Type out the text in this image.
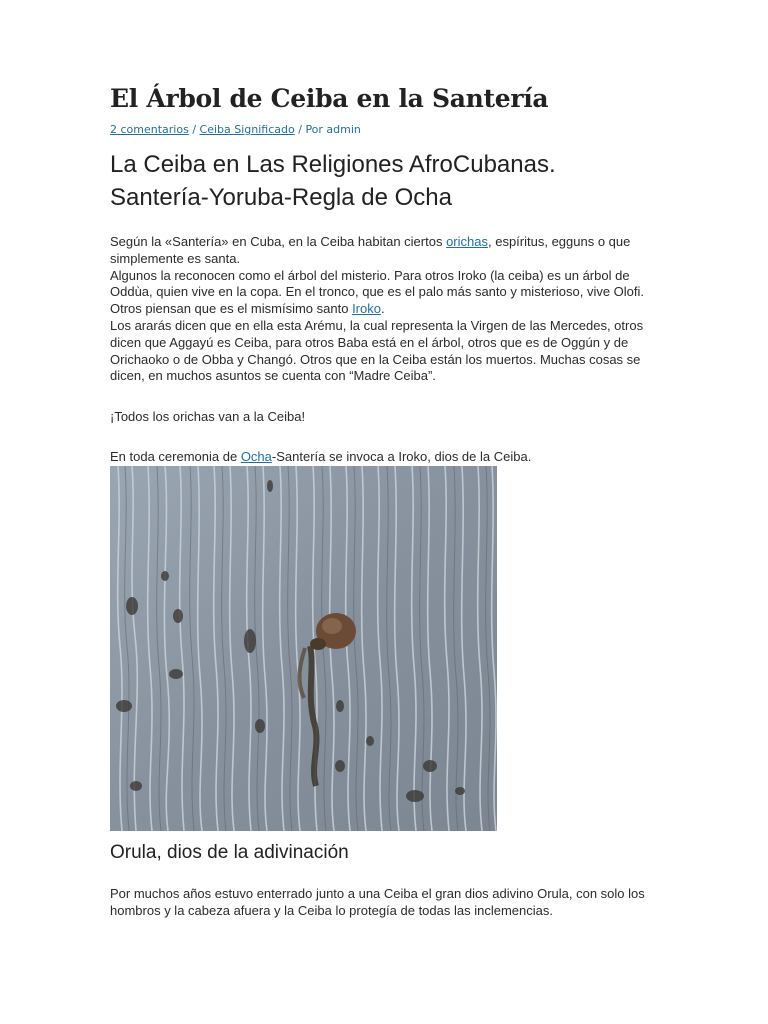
El Árbol de Ceiba en la Santería
2 comentarios / Ceiba Significado / Por admin
La Ceiba en Las Religiones AfroCubanas. Santería-Yoruba-Regla de Ocha

Según la «Santería» en Cuba, en la Ceiba habitan ciertos orichas, espíritus, egguns o que simplemente es santa.
Algunos la reconocen como el árbol del misterio. Para otros Iroko (la ceiba) es un árbol de Oddùa, quien vive en la copa. En el tronco, que es el palo más santo y misterioso, vive Olofi. Otros piensan que es el mismísimo santo Iroko.
Los ararás dicen que en ella esta Arému, la cual representa la Virgen de las Mercedes, otros dicen que Aggayú es Ceiba, para otros Baba está en el árbol, otros que es de Oggún y de Orichaoko o de Obba y Changó. Otros que en la Ceiba están los muertos. Muchas cosas se dicen, en muchos asuntos se cuenta con “Madre Ceiba”.

¡Todos los orichas van a la Ceiba!

En toda ceremonia de Ocha-Santería se invoca a Iroko, dios de la Ceiba.

Orula, dios de la adivinación

Por muchos años estuvo enterrado junto a una Ceiba el gran dios adivino Orula, con solo los hombros y la cabeza afuera y la Ceiba lo protegía de todas las inclemencias.
